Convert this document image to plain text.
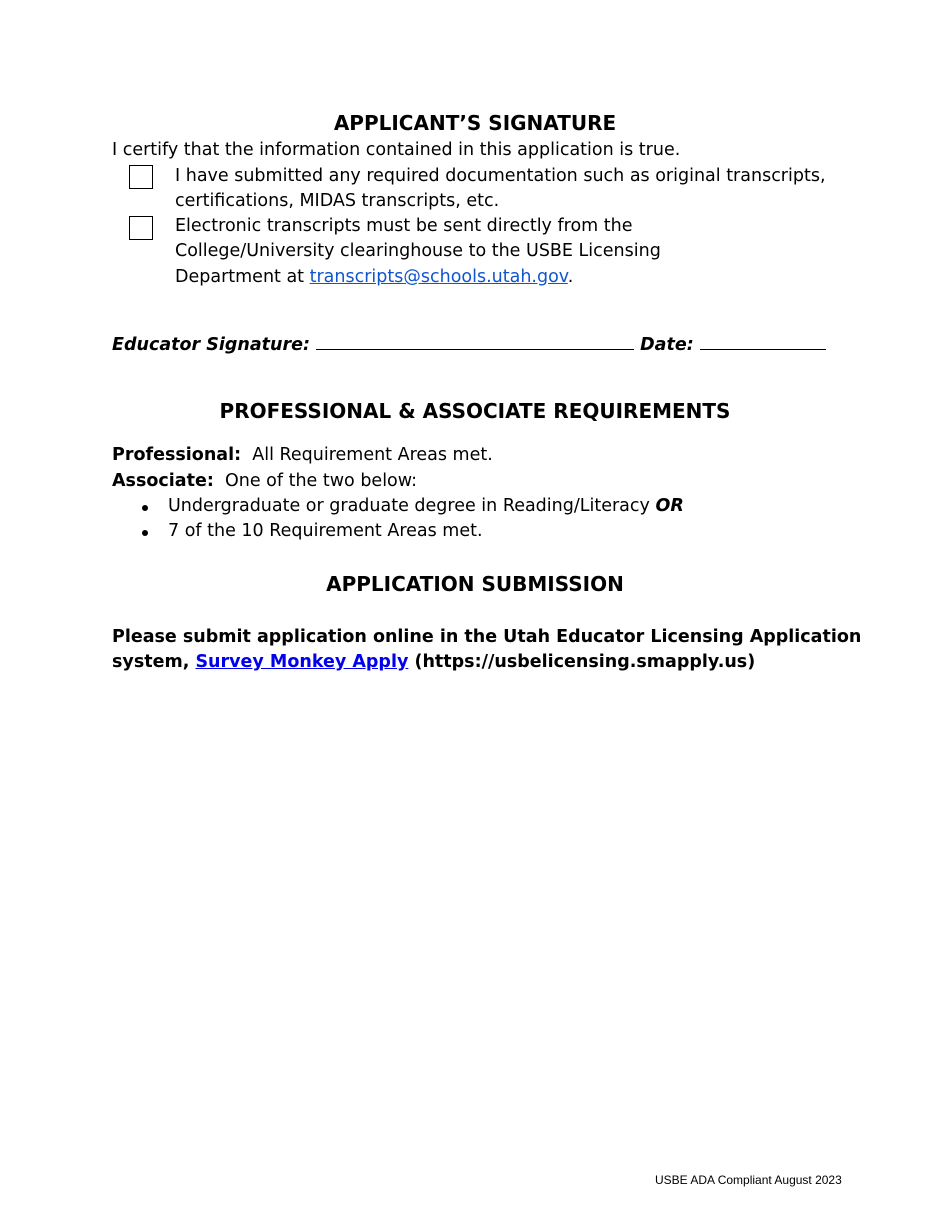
APPLICANT’S SIGNATURE
I certify that the information contained in this application is true.
I have submitted any required documentation such as original transcripts,
certifications, MIDAS transcripts, etc.
Electronic transcripts must be sent directly from the
College/University clearinghouse to the USBE Licensing
Department at transcripts@schools.utah.gov.
Educator Signature:	Date:
PROFESSIONAL & ASSOCIATE REQUIREMENTS
Professional: All Requirement Areas met.
Associate: One of the two below:
Undergraduate or graduate degree in Reading/Literacy OR
7 of the 10 Requirement Areas met.
APPLICATION SUBMISSION
Please submit application online in the Utah Educator Licensing Application
system, Survey Monkey Apply (https://usbelicensing.smapply.us)
USBE ADA Compliant August 2023
